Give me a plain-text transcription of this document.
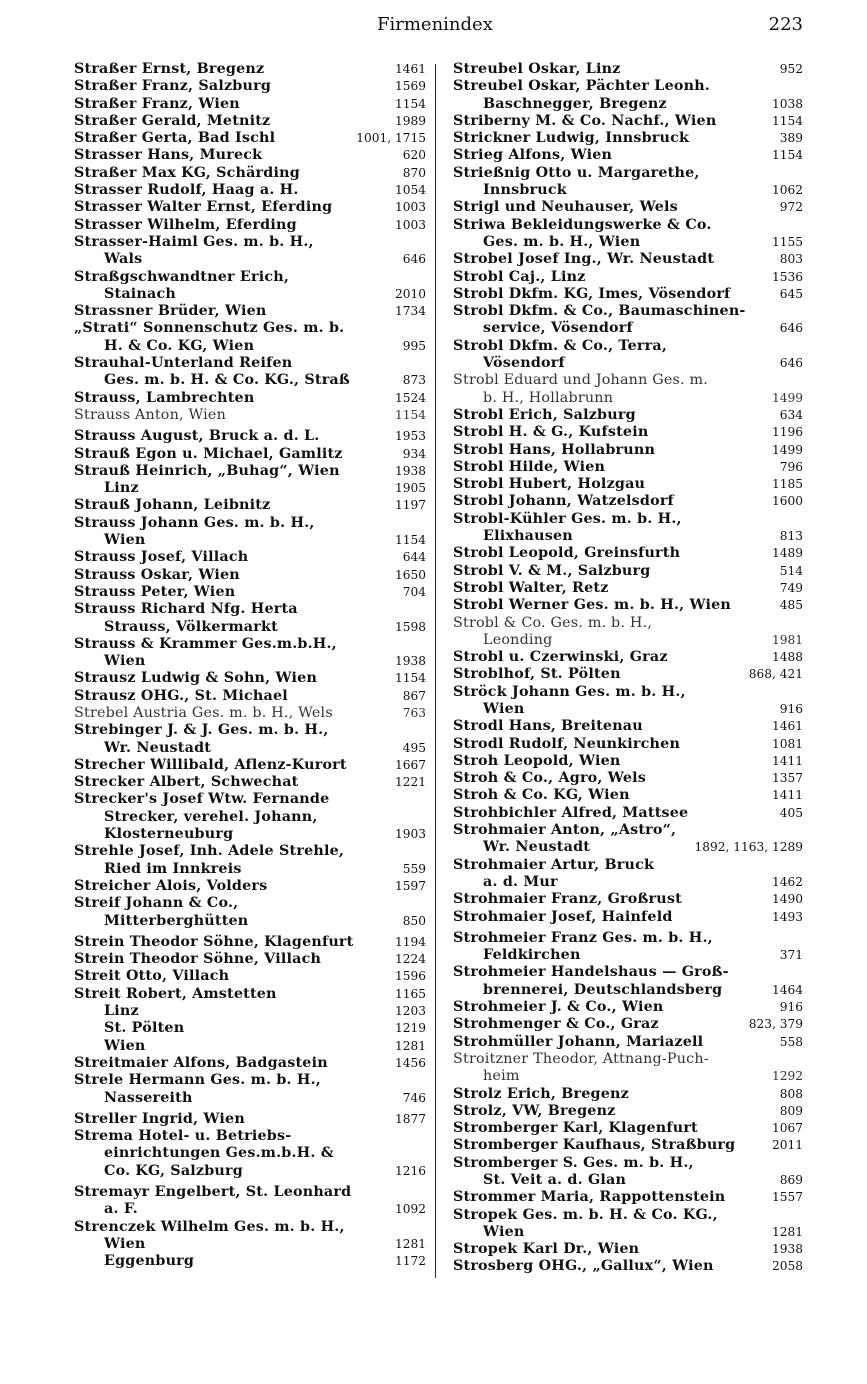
Firmenindex	223
Straßer Ernst, Bregenz	1461
Straßer Franz, Salzburg	1569
Straßer Franz, Wien	1154
Straßer Gerald, Metnitz	1989
Straßer Gerta, Bad Ischl	1001, 1715
Strasser Hans, Mureck	620
Straßer Max KG, Schärding	870
Strasser Rudolf, Haag a. H.	1054
Strasser Walter Ernst, Eferding	1003
Strasser Wilhelm, Eferding	1003
Strasser-Haiml Ges. m. b. H.,
Wals	646
Straßgschwandtner Erich,
Stainach	2010
Strassner Brüder, Wien	1734
„Strati“ Sonnenschutz Ges. m. b.
H. & Co. KG, Wien	995
Strauhal-Unterland Reifen
Ges. m. b. H. & Co. KG., Straß	873
Strauss, Lambrechten	1524
Strauss Anton, Wien	1154
Strauss August, Bruck a. d. L.	1953
Strauß Egon u. Michael, Gamlitz	934
Strauß Heinrich, „Buhag“, Wien	1938
Linz	1905
Strauß Johann, Leibnitz	1197
Strauss Johann Ges. m. b. H.,
Wien	1154
Strauss Josef, Villach	644
Strauss Oskar, Wien	1650
Strauss Peter, Wien	704
Strauss Richard Nfg. Herta
Strauss, Völkermarkt	1598
Strauss & Krammer Ges.m.b.H.,
Wien	1938
Strausz Ludwig & Sohn, Wien	1154
Strausz OHG., St. Michael	867
Strebel Austria Ges. m. b. H., Wels	763
Strebinger J. & J. Ges. m. b. H.,
Wr. Neustadt	495
Strecher Willibald, Aflenz-Kurort	1667
Strecker Albert, Schwechat	1221
Strecker's Josef Wtw. Fernande
Strecker, verehel. Johann,
Klosterneuburg	1903
Strehle Josef, Inh. Adele Strehle,
Ried im Innkreis	559
Streicher Alois, Volders	1597
Streif Johann & Co.,
Mitterberghütten	850
Strein Theodor Söhne, Klagenfurt	1194
Strein Theodor Söhne, Villach	1224
Streit Otto, Villach	1596
Streit Robert, Amstetten	1165
Linz	1203
St. Pölten	1219
Wien	1281
Streitmaier Alfons, Badgastein	1456
Strele Hermann Ges. m. b. H.,
Nassereith	746
Streller Ingrid, Wien	1877
Strema Hotel- u. Betriebs-
einrichtungen Ges.m.b.H. &
Co. KG, Salzburg	1216
Stremayr Engelbert, St. Leonhard
a. F.	1092
Strenczek Wilhelm Ges. m. b. H.,
Wien	1281
Eggenburg	1172
Streubel Oskar, Linz	952
Streubel Oskar, Pächter Leonh.
Baschnegger, Bregenz	1038
Striberny M. & Co. Nachf., Wien	1154
Strickner Ludwig, Innsbruck	389
Strieg Alfons, Wien	1154
Strießnig Otto u. Margarethe,
Innsbruck	1062
Strigl und Neuhauser, Wels	972
Striwa Bekleidungswerke & Co.
Ges. m. b. H., Wien	1155
Strobel Josef Ing., Wr. Neustadt	803
Strobl Caj., Linz	1536
Strobl Dkfm. KG, Imes, Vösendorf	645
Strobl Dkfm. & Co., Baumaschinen-
service, Vösendorf	646
Strobl Dkfm. & Co., Terra,
Vösendorf	646
Strobl Eduard und Johann Ges. m.
b. H., Hollabrunn	1499
Strobl Erich, Salzburg	634
Strobl H. & G., Kufstein	1196
Strobl Hans, Hollabrunn	1499
Strobl Hilde, Wien	796
Strobl Hubert, Holzgau	1185
Strobl Johann, Watzelsdorf	1600
Strobl-Kühler Ges. m. b. H.,
Elixhausen	813
Strobl Leopold, Greinsfurth	1489
Strobl V. & M., Salzburg	514
Strobl Walter, Retz	749
Strobl Werner Ges. m. b. H., Wien	485
Strobl & Co. Ges. m. b. H.,
Leonding	1981
Strobl u. Czerwinski, Graz	1488
Stroblhof, St. Pölten	868, 421
Ströck Johann Ges. m. b. H.,
Wien	916
Strodl Hans, Breitenau	1461
Strodl Rudolf, Neunkirchen	1081
Stroh Leopold, Wien	1411
Stroh & Co., Agro, Wels	1357
Stroh & Co. KG, Wien	1411
Strohbichler Alfred, Mattsee	405
Strohmaier Anton, „Astro“,
Wr. Neustadt	1892, 1163, 1289
Strohmaier Artur, Bruck
a. d. Mur	1462
Strohmaier Franz, Großrust	1490
Strohmaier Josef, Hainfeld	1493
Strohmeier Franz Ges. m. b. H.,
Feldkirchen	371
Strohmeier Handelshaus — Groß-
brennerei, Deutschlandsberg	1464
Strohmeier J. & Co., Wien	916
Strohmenger & Co., Graz	823, 379
Strohmüller Johann, Mariazell	558
Stroitzner Theodor, Attnang-Puch-
heim	1292
Strolz Erich, Bregenz	808
Strolz, VW, Bregenz	809
Stromberger Karl, Klagenfurt	1067
Stromberger Kaufhaus, Straßburg	2011
Stromberger S. Ges. m. b. H.,
St. Veit a. d. Glan	869
Strommer Maria, Rappottenstein	1557
Stropek Ges. m. b. H. & Co. KG.,
Wien	1281
Stropek Karl Dr., Wien	1938
Strosberg OHG., „Gallux“, Wien	2058
